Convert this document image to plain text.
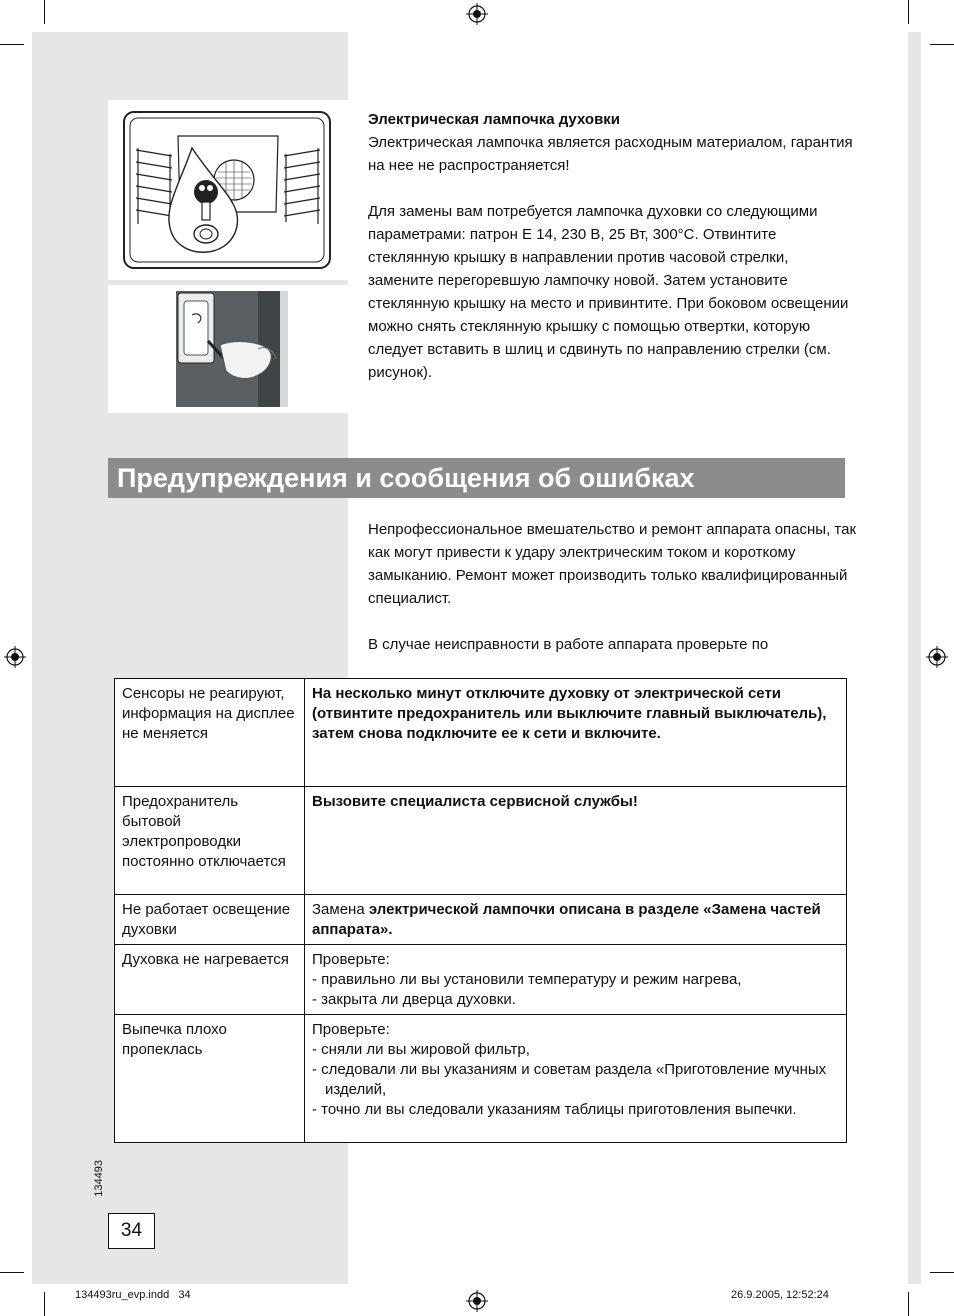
Электрическая лампочка духовки
Электрическая лампочка является расходным материалом, гарантия на нее не распространяется!
Для замены вам потребуется лампочка духовки со следующими параметрами: патрон E 14, 230 В, 25 Вт, 300°C. Отвинтите стеклянную крышку в направлении против часовой стрелки, замените перегоревшую лампочку новой. Затем установите стеклянную крышку на место и привинтите. При боковом освещении можно снять стеклянную крышку с помощью отвертки, которую следует вставить в шлиц и сдвинуть по направлению стрелки (см. рисунок).
Предупреждения и сообщения об ошибках
Непрофессиональное вмешательство и ремонт аппарата опасны, так как могут привести к удару электрическим током и короткому замыканию. Ремонт может производить только квалифицированный специалист.
В случае неисправности в работе аппарата проверьте по
Сенсоры не реагируют, информация на дисплее не меняется	На несколько минут отключите духовку от электрической сети (отвинтите предохранитель или выключите главный выключатель), затем снова подключите ее к сети и включите.
Предохранитель бытовой электропроводки постоянно отключается	Вызовите специалиста сервисной службы!
Не работает освещение духовки	Замена электрической лампочки описана в разделе «Замена частей аппарата».
Духовка не нагревается	Проверьте:
- правильно ли вы установили температуру и режим нагрева,
- закрыта ли дверца духовки.

Выпечка плохо пропеклась	Проверьте:
- сняли ли вы жировой фильтр,
- следовали ли вы указаниям и советам раздела «Приготовление мучных изделий,
- точно ли вы следовали указаниям таблицы приготовления выпечки.
134493
34
134493ru_evp.indd   34	26.9.2005, 12:52:24
